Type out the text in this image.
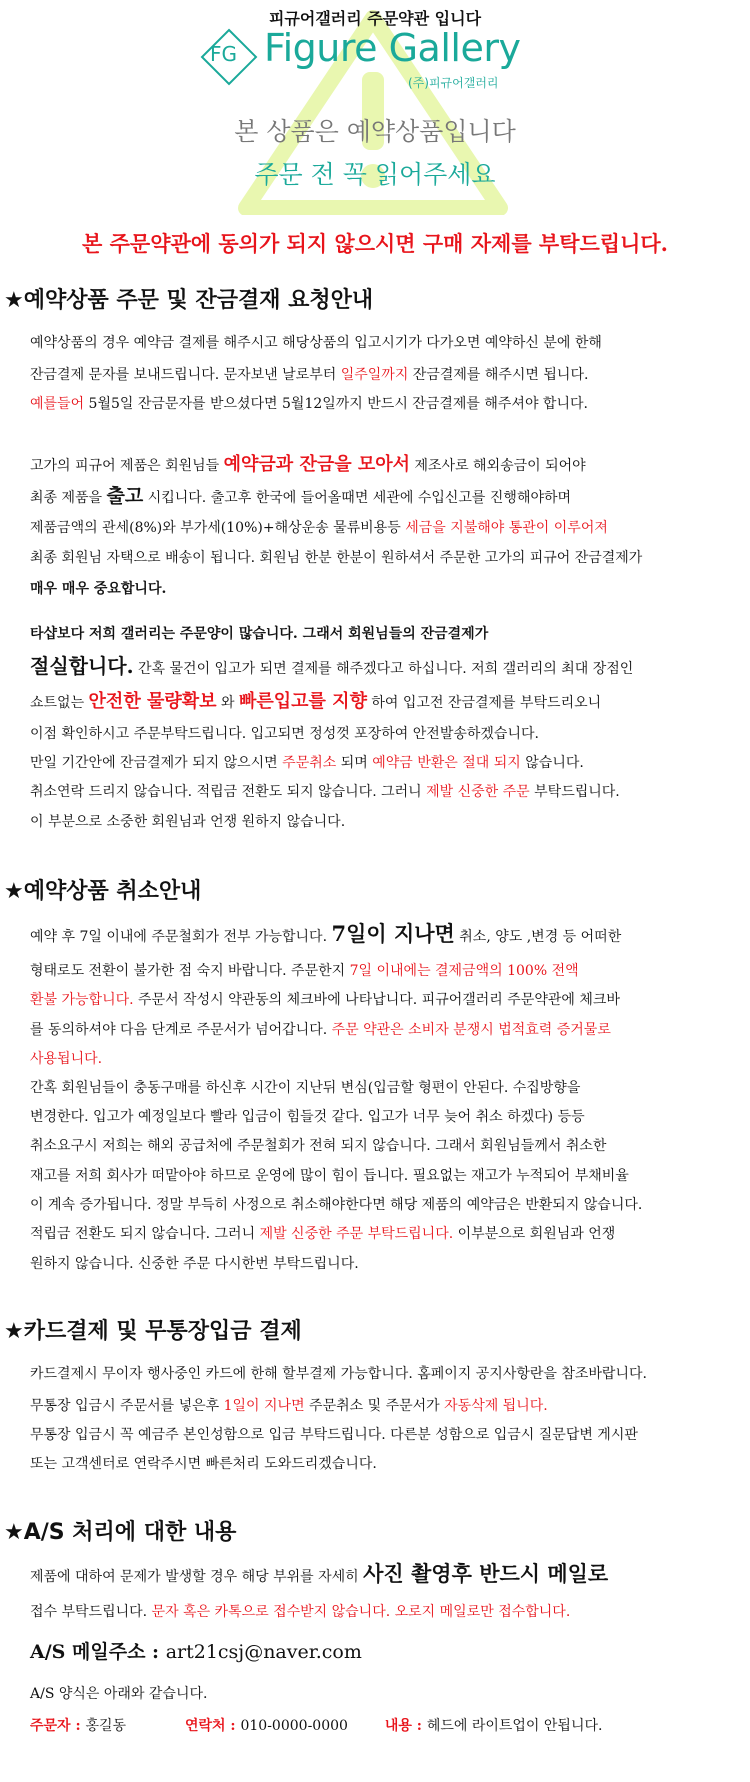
피규어갤러리 주문약관 입니다
FG Figure Gallery
(주)피규어갤러리
본 상품은 예약상품입니다
주문 전 꼭 읽어주세요
본 주문약관에 동의가 되지 않으시면 구매 자제를 부탁드립니다.
★예약상품 주문 및 잔금결재 요청안내
예약상품의 경우 예약금 결제를 해주시고 해당상품의 입고시기가 다가오면 예약하신 분에 한해
잔금결제 문자를 보내드립니다. 문자보낸 날로부터 일주일까지 잔금결제를 해주시면 됩니다.
예를들어 5월5일 잔금문자를 받으셨다면 5월12일까지 반드시 잔금결제를 해주셔야 합니다.
고가의 피규어 제품은 회원님들 예약금과 잔금을 모아서 제조사로 해외송금이 되어야
최종 제품을 출고 시킵니다. 출고후 한국에 들어올때면 세관에 수입신고를 진행해야하며
제품금액의 관세(8%)와 부가세(10%)+해상운송 물류비용등 세금을 지불해야 통관이 이루어져
최종 회원님 자택으로 배송이 됩니다. 회원님 한분 한분이 원하셔서 주문한 고가의 피규어 잔금결제가
매우 매우 중요합니다.
타샵보다 저희 갤러리는 주문양이 많습니다. 그래서 회원님들의 잔금결제가
절실합니다. 간혹 물건이 입고가 되면 결제를 해주겠다고 하십니다. 저희 갤러리의 최대 장점인
쇼트없는 안전한 물량확보 와 빠른입고를 지향 하여 입고전 잔금결제를 부탁드리오니
이점 확인하시고 주문부탁드립니다. 입고되면 정성껏 포장하여 안전발송하겠습니다.
만일 기간안에 잔금결제가 되지 않으시면 주문취소 되며 예약금 반환은 절대 되지 않습니다.
취소연락 드리지 않습니다. 적립금 전환도 되지 않습니다. 그러니 제발 신중한 주문 부탁드립니다.
이 부분으로 소중한 회원님과 언쟁 원하지 않습니다.
★예약상품 취소안내
예약 후 7일 이내에 주문철회가 전부 가능합니다. 7일이 지나면 취소, 양도 ,변경 등 어떠한
형태로도 전환이 불가한 점 숙지 바랍니다. 주문한지 7일 이내에는 결제금액의 100% 전액
환불 가능합니다. 주문서 작성시 약관동의 체크바에 나타납니다. 피규어갤러리 주문약관에 체크바
를 동의하셔야 다음 단계로 주문서가 넘어갑니다. 주문 약관은 소비자 분쟁시 법적효력 증거물로
사용됩니다.
간혹 회원님들이 충동구매를 하신후 시간이 지난뒤 변심(입금할 형편이 안된다. 수집방향을
변경한다. 입고가 예정일보다 빨라 입금이 힘들것 같다. 입고가 너무 늦어 취소 하겠다) 등등
취소요구시 저희는 해외 공급처에 주문철회가 전혀 되지 않습니다. 그래서 회원님들께서 취소한
재고를 저희 회사가 떠맡아야 하므로 운영에 많이 힘이 듭니다. 필요없는 재고가 누적되어 부채비율
이 계속 증가됩니다. 정말 부득히 사정으로 취소해야한다면 해당 제품의 예약금은 반환되지 않습니다.
적립금 전환도 되지 않습니다. 그러니 제발 신중한 주문 부탁드립니다. 이부분으로 회원님과 언쟁
원하지 않습니다. 신중한 주문 다시한번 부탁드립니다.
★카드결제 및 무통장입금 결제
카드결제시 무이자 행사중인 카드에 한해 할부결제 가능합니다. 홈페이지 공지사항란을 참조바랍니다.
무통장 입금시 주문서를 넣은후 1일이 지나면 주문취소 및 주문서가 자동삭제 됩니다.
무통장 입금시 꼭 예금주 본인성함으로 입금 부탁드립니다. 다른분 성함으로 입금시 질문답변 게시판
또는 고객센터로 연락주시면 빠른처리 도와드리겠습니다.
★A/S 처리에 대한 내용
제품에 대하여 문제가 발생할 경우 해당 부위를 자세히 사진 촬영후 반드시 메일로
접수 부탁드립니다. 문자 혹은 카톡으로 접수받지 않습니다. 오로지 메일로만 접수합니다.
A/S 메일주소 : art21csj@naver.com
A/S 양식은 아래와 같습니다.
주문자 : 홍길동	연락처 : 010-0000-0000	내용 : 헤드에 라이트업이 안됩니다.
